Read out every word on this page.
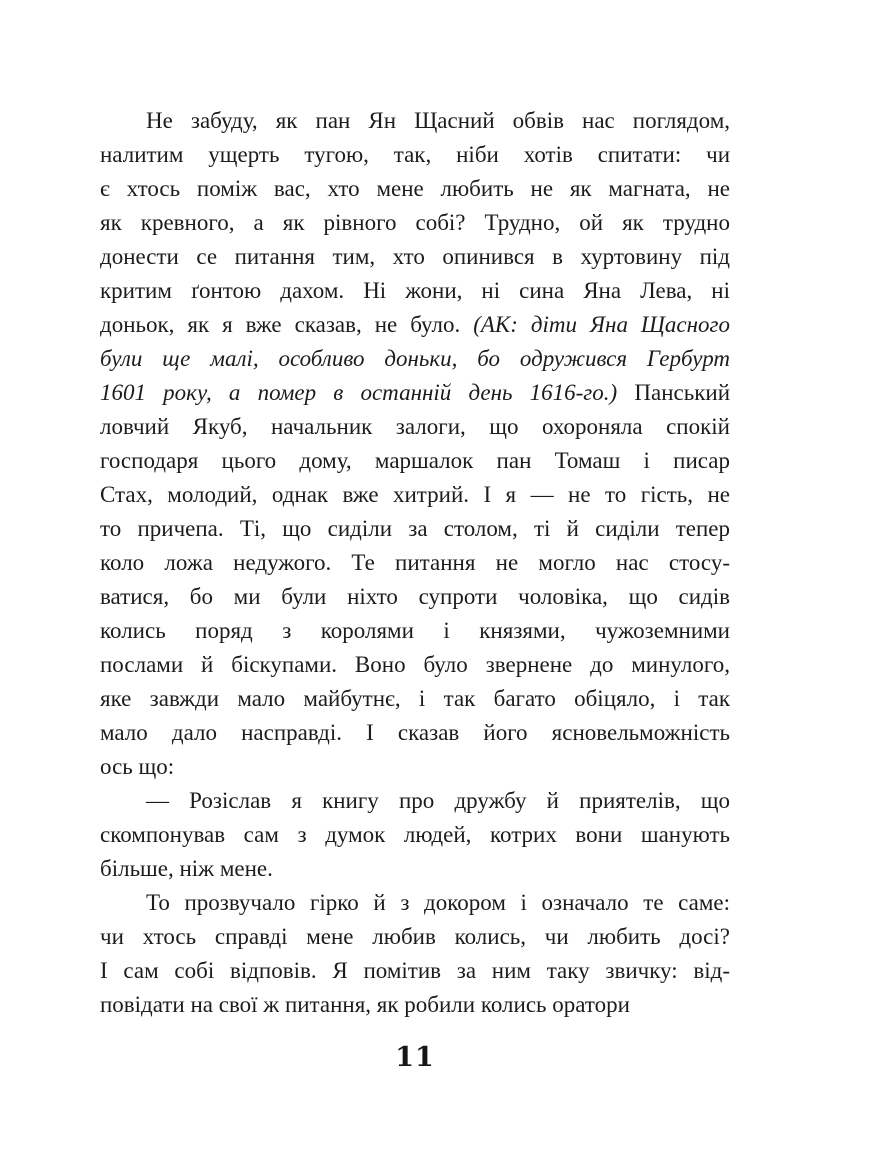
Не забуду, як пан Ян Щасний обвів нас поглядом,
налитим ущерть тугою, так, ніби хотів спитати: чи
є хтось поміж вас, хто мене любить не як магната, не
як кревного, а як рівного собі? Трудно, ой як трудно
донести се питання тим, хто опинився в хуртовину під
критим ґонтою дахом. Ні жони, ні сина Яна Лева, ні
доньок, як я вже сказав, не було. (АК: діти Яна Щасного
були ще малі, особливо доньки, бо одружився Гербурт
1601 року, а помер в останній день 1616-го.) Панський
ловчий Якуб, начальник залоги, що охороняла спокій
господаря цього дому, маршалок пан Томаш і писар
Стах, молодий, однак вже хитрий. І я — не то гість, не
то причепа. Ті, що сиділи за столом, ті й сиділи тепер
коло ложа недужого. Те питання не могло нас стосу-
ватися, бо ми були ніхто супроти чоловіка, що сидів
колись поряд з королями і князями, чужоземними
послами й біскупами. Воно було звернене до минулого,
яке завжди мало майбутнє, і так багато обіцяло, і так
мало дало насправді. І сказав його ясновельможність
ось що:
— Розіслав я книгу про дружбу й приятелів, що
скомпонував сам з думок людей, котрих вони шанують
більше, ніж мене.
То прозвучало гірко й з докором і означало те саме:
чи хтось справді мене любив колись, чи любить досі?
І сам собі відповів. Я помітив за ним таку звичку: від-
повідати на свої ж питання, як робили колись оратори
11
